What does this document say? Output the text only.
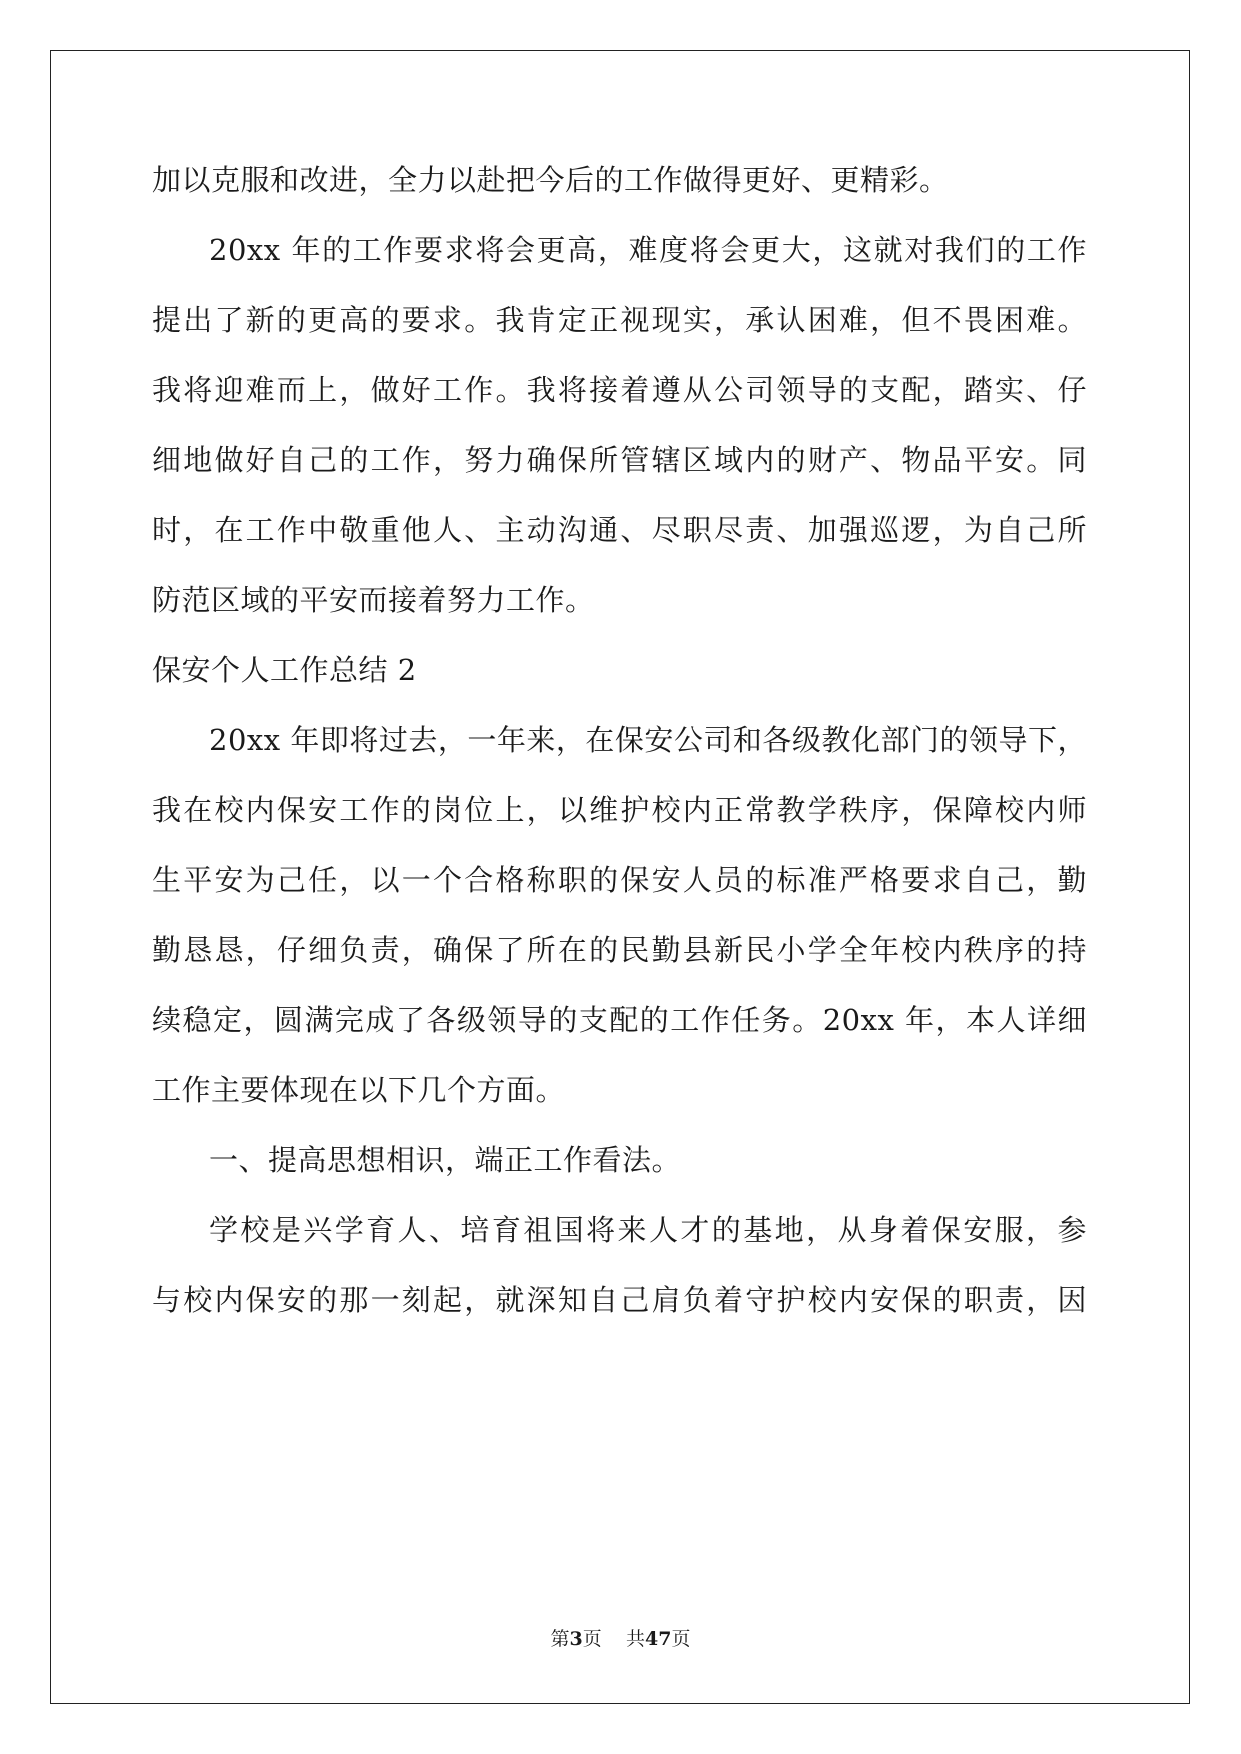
加以克服和改进，全力以赴把今后的工作做得更好、更精彩。
20xx 年的工作要求将会更高，难度将会更大，这就对我们的工作
提出了新的更高的要求。我肯定正视现实，承认困难，但不畏困难。
我将迎难而上，做好工作。我将接着遵从公司领导的支配，踏实、仔
细地做好自己的工作，努力确保所管辖区域内的财产、物品平安。同
时，在工作中敬重他人、主动沟通、尽职尽责、加强巡逻，为自己所
防范区域的平安而接着努力工作。
保安个人工作总结 2
20xx 年即将过去，一年来，在保安公司和各级教化部门的领导下，
我在校内保安工作的岗位上，以维护校内正常教学秩序，保障校内师
生平安为己任，以一个合格称职的保安人员的标准严格要求自己，勤
勤恳恳，仔细负责，确保了所在的民勤县新民小学全年校内秩序的持
续稳定，圆满完成了各级领导的支配的工作任务。20xx 年，本人详细
工作主要体现在以下几个方面。
一、提高思想相识，端正工作看法。
学校是兴学育人、培育祖国将来人才的基地，从身着保安服，参
与校内保安的那一刻起，就深知自己肩负着守护校内安保的职责，因
第3页 共47页
